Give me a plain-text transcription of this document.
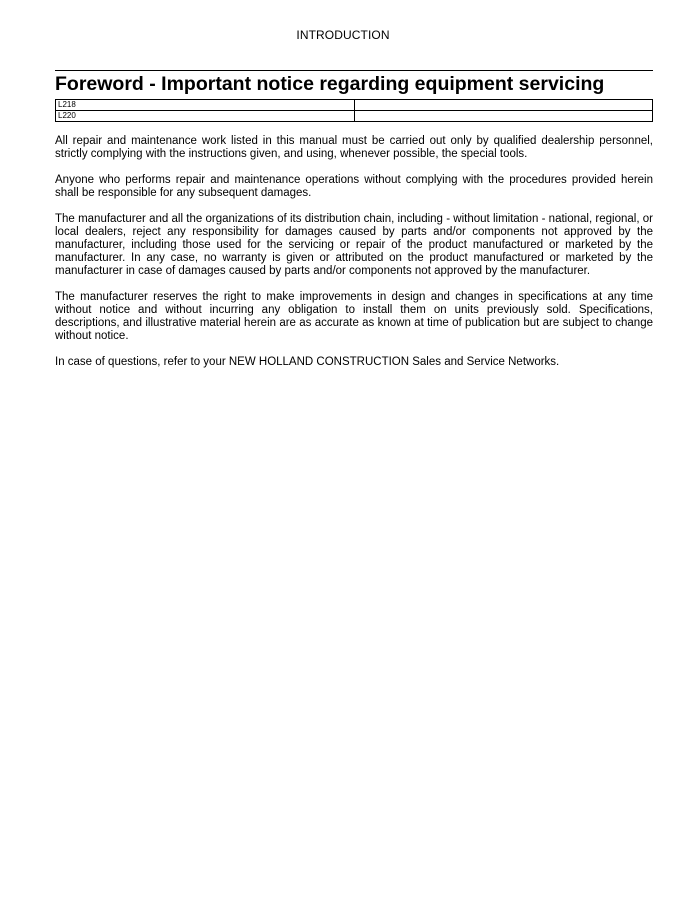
INTRODUCTION
Foreword - Important notice regarding equipment servicing
L218	
L220	

All repair and maintenance work listed in this manual must be carried out only by qualified dealership personnel, strictly complying with the instructions given, and using, whenever possible, the special tools.

Anyone who performs repair and maintenance operations without complying with the procedures provided herein shall be responsible for any subsequent damages.

The manufacturer and all the organizations of its distribution chain, including - without limitation - national, regional, or local dealers, reject any responsibility for damages caused by parts and/or components not approved by the manufacturer, including those used for the servicing or repair of the product manufactured or marketed by the manufacturer. In any case, no warranty is given or attributed on the product manufactured or marketed by the manufacturer in case of damages caused by parts and/or components not approved by the manufacturer.

The manufacturer reserves the right to make improvements in design and changes in specifications at any time without notice and without incurring any obligation to install them on units previously sold. Specifications, descriptions, and illustrative material herein are as accurate as known at time of publication but are subject to change without notice.

In case of questions, refer to your NEW HOLLAND CONSTRUCTION Sales and Service Networks.
